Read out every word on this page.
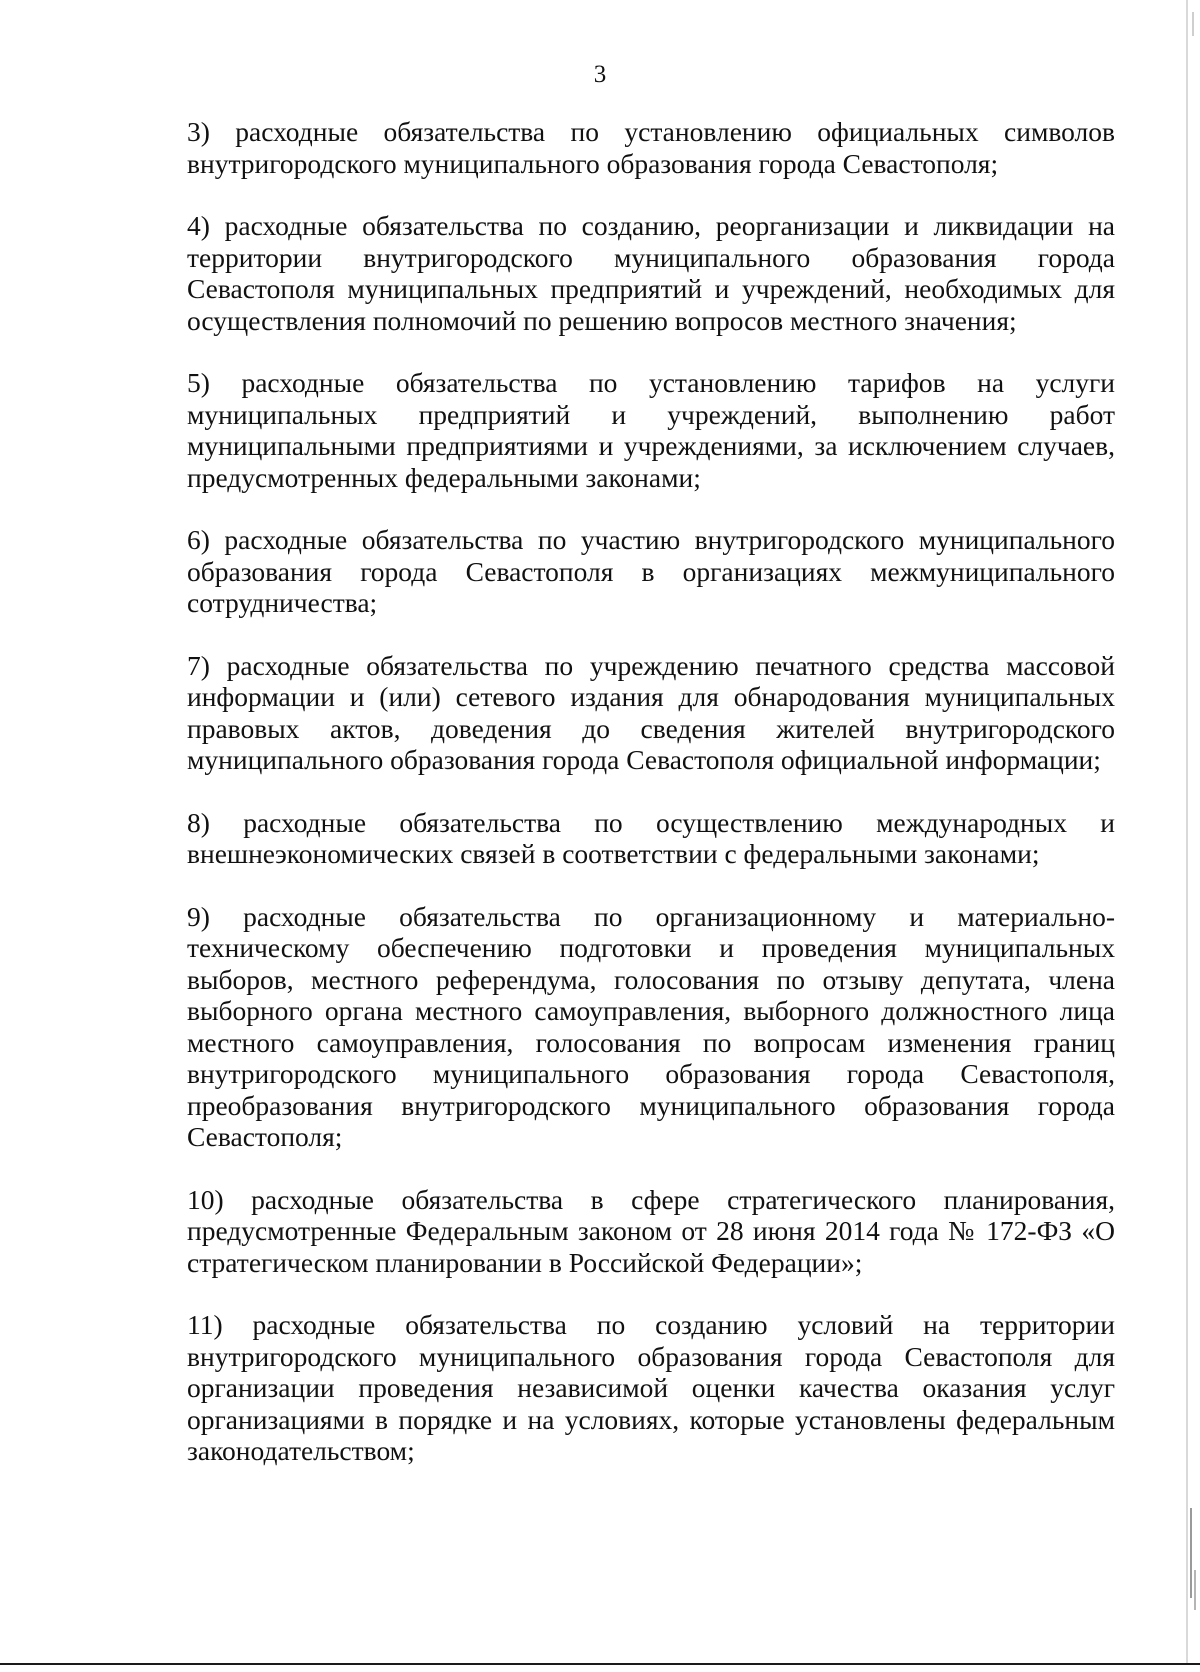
3

3) расходные обязательства по установлению официальных символов внутригородского муниципального образования города Севастополя;

4) расходные обязательства по созданию, реорганизации и ликвидации на территории внутригородского муниципального образования города Севастополя муниципальных предприятий и учреждений, необходимых для осуществления полномочий по решению вопросов местного значения;

5) расходные обязательства по установлению тарифов на услуги муниципальных предприятий и учреждений, выполнению работ муниципальными предприятиями и учреждениями, за исключением случаев, предусмотренных федеральными законами;

6) расходные обязательства по участию внутригородского муниципального образования города Севастополя в организациях межмуниципального сотрудничества;

7) расходные обязательства по учреждению печатного средства массовой информации и (или) сетевого издания для обнародования муниципальных правовых актов, доведения до сведения жителей внутригородского муниципального образования города Севастополя официальной информации;

8) расходные обязательства по осуществлению международных и внешнеэкономических связей в соответствии с федеральными законами;

9) расходные обязательства по организационному и материально-техническому обеспечению подготовки и проведения муниципальных выборов, местного референдума, голосования по отзыву депутата, члена выборного органа местного самоуправления, выборного должностного лица местного самоуправления, голосования по вопросам изменения границ внутригородского муниципального образования города Севастополя, преобразования внутригородского муниципального образования города Севастополя;

10) расходные обязательства в сфере стратегического планирования, предусмотренные Федеральным законом от 28 июня 2014 года № 172-ФЗ «О стратегическом планировании в Российской Федерации»;

11) расходные обязательства по созданию условий на территории внутригородского муниципального образования города Севастополя для организации проведения независимой оценки качества оказания услуг организациями в порядке и на условиях, которые установлены федеральным законодательством;
